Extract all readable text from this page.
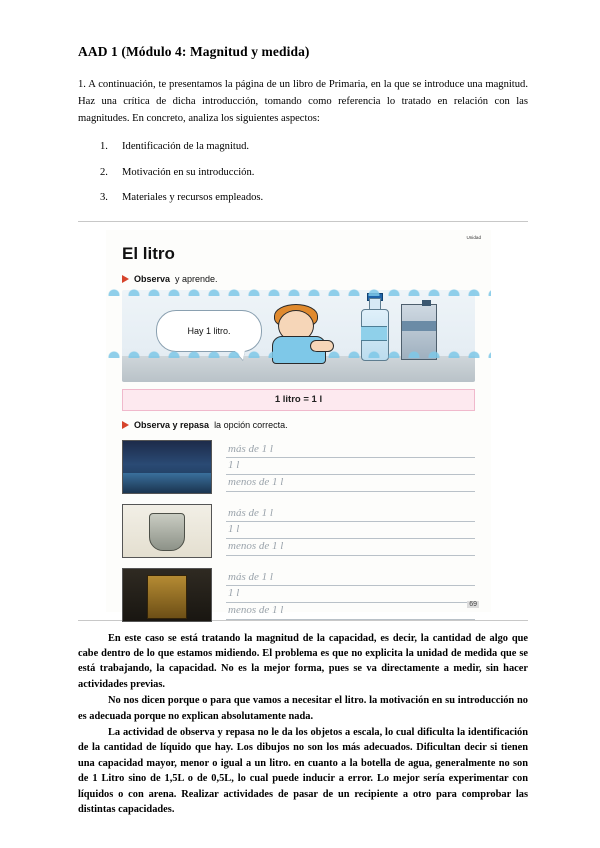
AAD 1 (Módulo 4: Magnitud y medida)

1. A continuación, te presentamos la página de un libro de Primaria, en la que se introduce una magnitud. Haz una crítica de dicha introducción, tomando como referencia lo tratado en relación con las magnitudes. En concreto, analiza los siguientes aspectos:

1. Identificación de la magnitud.
2. Motivación en su introducción.
3. Materiales y recursos empleados.
Unidad
El litro
Observa y aprende.
Hay 1 litro.
1 litro = 1 l
Observa y repasa la opción correcta.
más de 1 l
1 l
menos de 1 l
más de 1 l
1 l
menos de 1 l
más de 1 l
1 l
menos de 1 l	69

En este caso se está tratando la magnitud de la capacidad, es decir, la cantidad de algo que cabe dentro de lo que estamos midiendo. El problema es que no explicita la unidad de medida que se está trabajando, la capacidad. No es la mejor forma, pues se va directamente a medir, sin hacer actividades previas.

No nos dicen porque o para que vamos a necesitar el litro. la motivación en su introducción no es adecuada porque no explican absolutamente nada.

La actividad de observa y repasa no le da los objetos a escala, lo cual dificulta la identificación de la cantidad de líquido que hay. Los dibujos no son los más adecuados. Dificultan decir si tienen una capacidad mayor, menor o igual a un litro. en cuanto a la botella de agua, generalmente no son de 1 Litro sino de 1,5L o de 0,5L, lo cual puede inducir a error. Lo mejor sería experimentar con líquidos o con arena. Realizar actividades de pasar de un recipiente a otro para comprobar las distintas capacidades.
